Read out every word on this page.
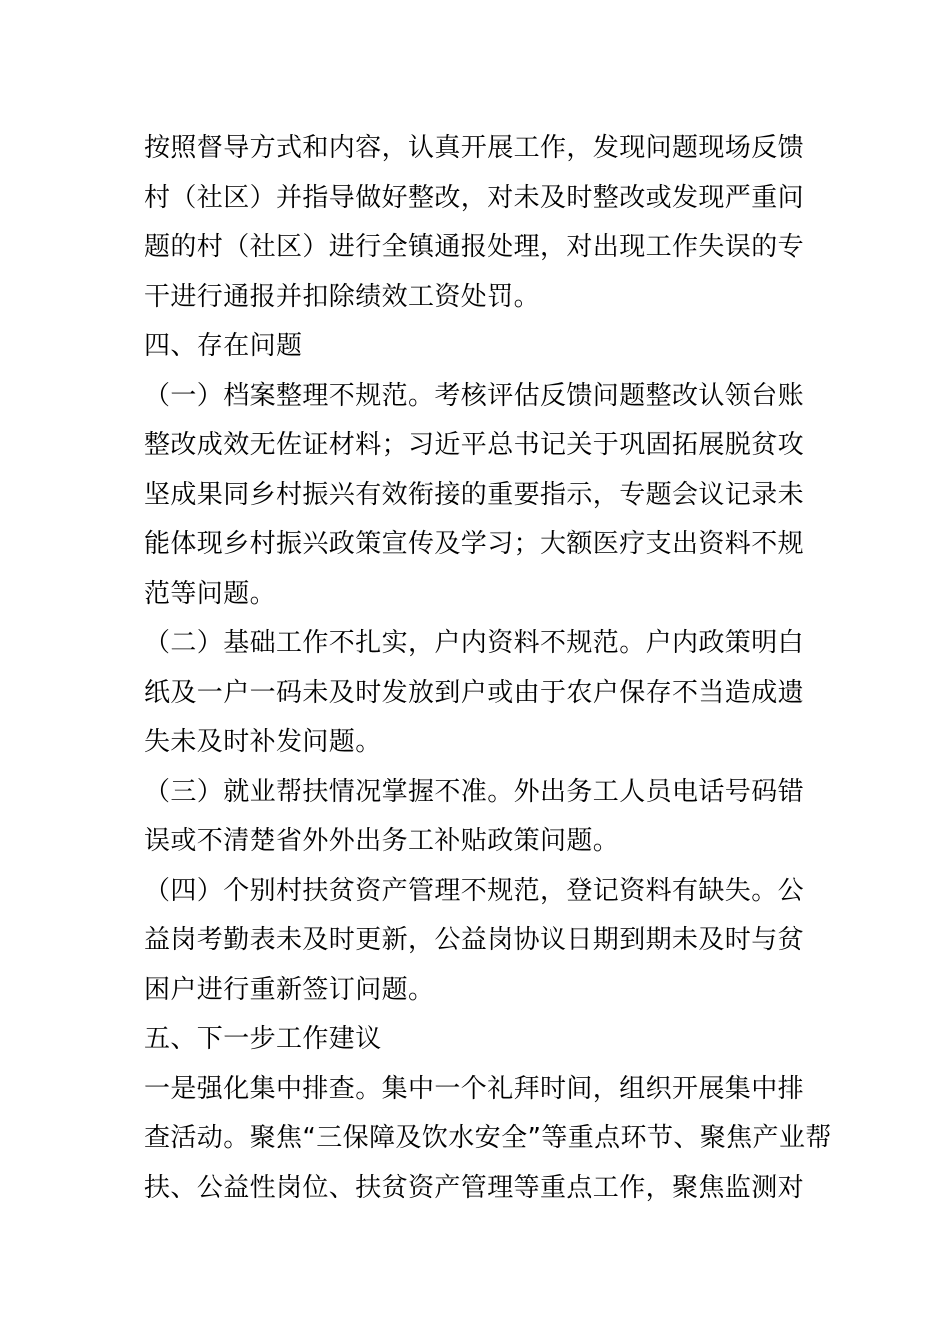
按照督导方式和内容，认真开展工作，发现问题现场反馈
村（社区）并指导做好整改，对未及时整改或发现严重问
题的村（社区）进行全镇通报处理，对出现工作失误的专
干进行通报并扣除绩效工资处罚。
四、存在问题
（一）档案整理不规范。考核评估反馈问题整改认领台账
整改成效无佐证材料；习近平总书记关于巩固拓展脱贫攻
坚成果同乡村振兴有效衔接的重要指示，专题会议记录未
能体现乡村振兴政策宣传及学习；大额医疗支出资料不规
范等问题。
（二）基础工作不扎实，户内资料不规范。户内政策明白
纸及一户一码未及时发放到户或由于农户保存不当造成遗
失未及时补发问题。
（三）就业帮扶情况掌握不准。外出务工人员电话号码错
误或不清楚省外外出务工补贴政策问题。
（四）个别村扶贫资产管理不规范，登记资料有缺失。公
益岗考勤表未及时更新，公益岗协议日期到期未及时与贫
困户进行重新签订问题。
五、下一步工作建议
一是强化集中排查。集中一个礼拜时间，组织开展集中排
查活动。聚焦“三保障及饮水安全”等重点环节、聚焦产业帮
扶、公益性岗位、扶贫资产管理等重点工作，聚焦监测对
